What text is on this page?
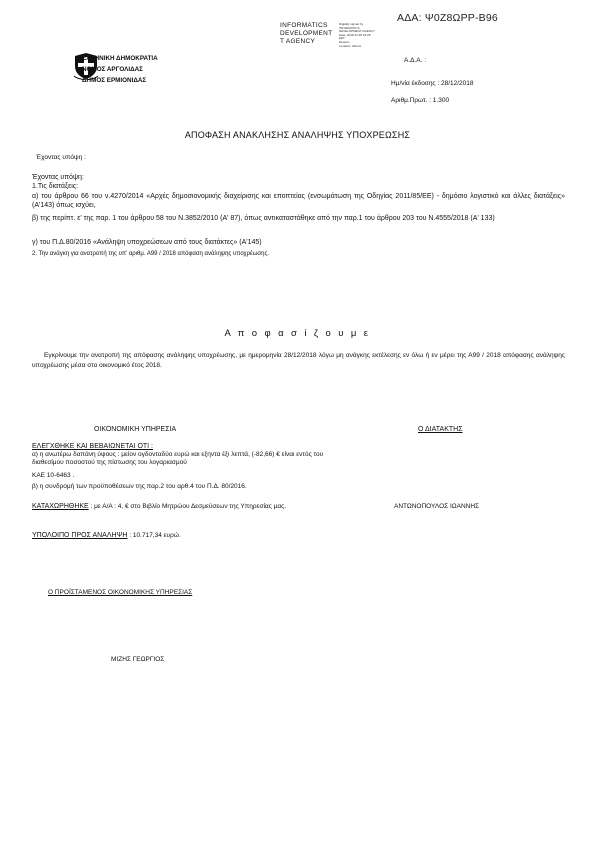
ΑΔΑ: Ψ0Ζ8ΩΡΡ-Β96
INFORMATICS
DEVELOPMENT
T AGENCY
Digitally signed by
INFORMATICS
DEVELOPMENT AGENCY
Date: 2018.12.28 19:28
EET
Reason:
Location: Athens
ΕΛΛΗΝΙΚΗ ΔΗΜΟΚΡΑΤΙΑ
ΝΟΜΟΣ ΑΡΓΟΛΙΔΑΣ
ΔΗΜΟΣ ΕΡΜΙΟΝΙΔΑΣ
Α.Δ.Α. :
Ημ/νία έκδοσης : 28/12/2018
Αριθμ.Πρωτ. : 1.300
ΑΠΟΦΑΣΗ ΑΝΑΚΛΗΣΗΣ ΑΝΑΛΗΨΗΣ ΥΠΟΧΡΕΩΣΗΣ
Έχοντας υπόψη :
Έχοντας υπόψη:
1.Τις διατάξεις:
α) του άρθρου 66 του ν.4270/2014 «Αρχές δημοσιονομικής διαχείρισης και εποπτείας (ενσωμάτωση της Οδηγίας 2011/85/ΕΕ) - δημόσιο λογιστικό και άλλες διατάξεις» (Α'143) όπως ισχύει,
β) της περίπτ. ε' της παρ. 1 του άρθρου 58 του Ν.3852/2010 (Α' 87), όπως αντικαταστάθηκε από την παρ.1 του άρθρου 203 του Ν.4555/2018 (Α' 133)
γ) του Π.Δ.80/2016 «Ανάληψη υποχρεώσεων από τους διατάκτες» (Α'145)
2. Την ανάγκη για ανατροπή της υπ' αριθμ. Α99 / 2018 απόφαση ανάληψης υποχρέωσης.
Α π ο φ α σ ί ζ ο υ μ ε
Εγκρίνουμε την ανατροπή της απόφασης ανάληψης υποχρέωσης, με ημερομηνία 28/12/2018 λόγω μη ανάγκης εκτέλεσης εν όλω ή εν μέρει της Α99 / 2018 απόφασης ανάληψης υποχρέωσης μέσα στο οικονομικό έτος 2018.
ΟΙΚΟΝΟΜΙΚΗ ΥΠΗΡΕΣΙΑ	Ο ΔΙΑΤΑΚΤΗΣ
ΕΛΕΓΧΘΗΚΕ ΚΑΙ ΒΕΒΑΙΩΝΕΤΑΙ ΟΤΙ :
α) η ανωτέρω δαπάνη ύψους : μείον ογδονταδύο ευρώ και εξηντα έξι λεπτά, (-82,66) € είναι εντός του διαθεσίμου ποσοστού της πίστωσης του λογαριασμού
ΚΑΕ 10-6463 .
β) η συνδρομή των προϋποθέσεων της παρ.2 του αρθ.4 του Π.Δ. 80/2016.
ΚΑΤΑΧΩΡΗΘΗΚΕ : με Α/Α : 4, € στο Βιβλίο Μητρώου Δεσμεύσεων της Υπηρεσίας μας.	ΑΝΤΩΝΟΠΟΥΛΟΣ ΙΩΑΝΝΗΣ
ΥΠΟΛΟΙΠΟ ΠΡΟΣ ΑΝΑΛΗΨΗ : 10.717,34 ευρώ.
Ο ΠΡΟΪΣΤΑΜΕΝΟΣ ΟΙΚΟΝΟΜΙΚΗΣ ΥΠΗΡΕΣΙΑΣ
ΜΙΖΗΣ ΓΕΩΡΓΙΟΣ
